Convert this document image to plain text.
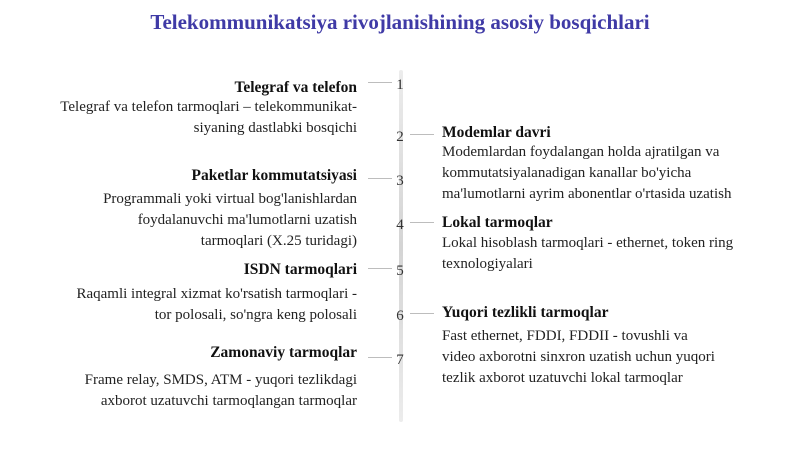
Telekommunikatsiya rivojlanishining asosiy bosqichlari
1
Telegraf va telefon
Telegraf va telefon tarmoqlari – telekommunikat-
siyaning dastlabki bosqichi
2	Modemlar davri
Modemlardan foydalangan holda ajratilgan va
kommutatsiyalanadigan kanallar bo'yicha
ma'lumotlarni ayrim abonentlar o'rtasida uzatish
3
Paketlar kommutatsiyasi
Programmali yoki virtual bog'lanishlardan
foydalanuvchi ma'lumotlarni uzatish
tarmoqlari (X.25 turidagi)
4	Lokal tarmoqlar
Lokal hisoblash tarmoqlari - ethernet, token ring
texnologiyalari
5
ISDN tarmoqlari
Raqamli integral xizmat ko'rsatish tarmoqlari -
tor polosali, so'ngra keng polosali	6	Yuqori tezlikli tarmoqlar
Fast ethernet, FDDI, FDDII - tovushli va
video axborotni sinxron uzatish uchun yuqori
tezlik axborot uzatuvchi lokal tarmoqlar
7
Zamonaviy tarmoqlar
Frame relay, SMDS, ATM - yuqori tezlikdagi
axborot uzatuvchi tarmoqlangan tarmoqlar
